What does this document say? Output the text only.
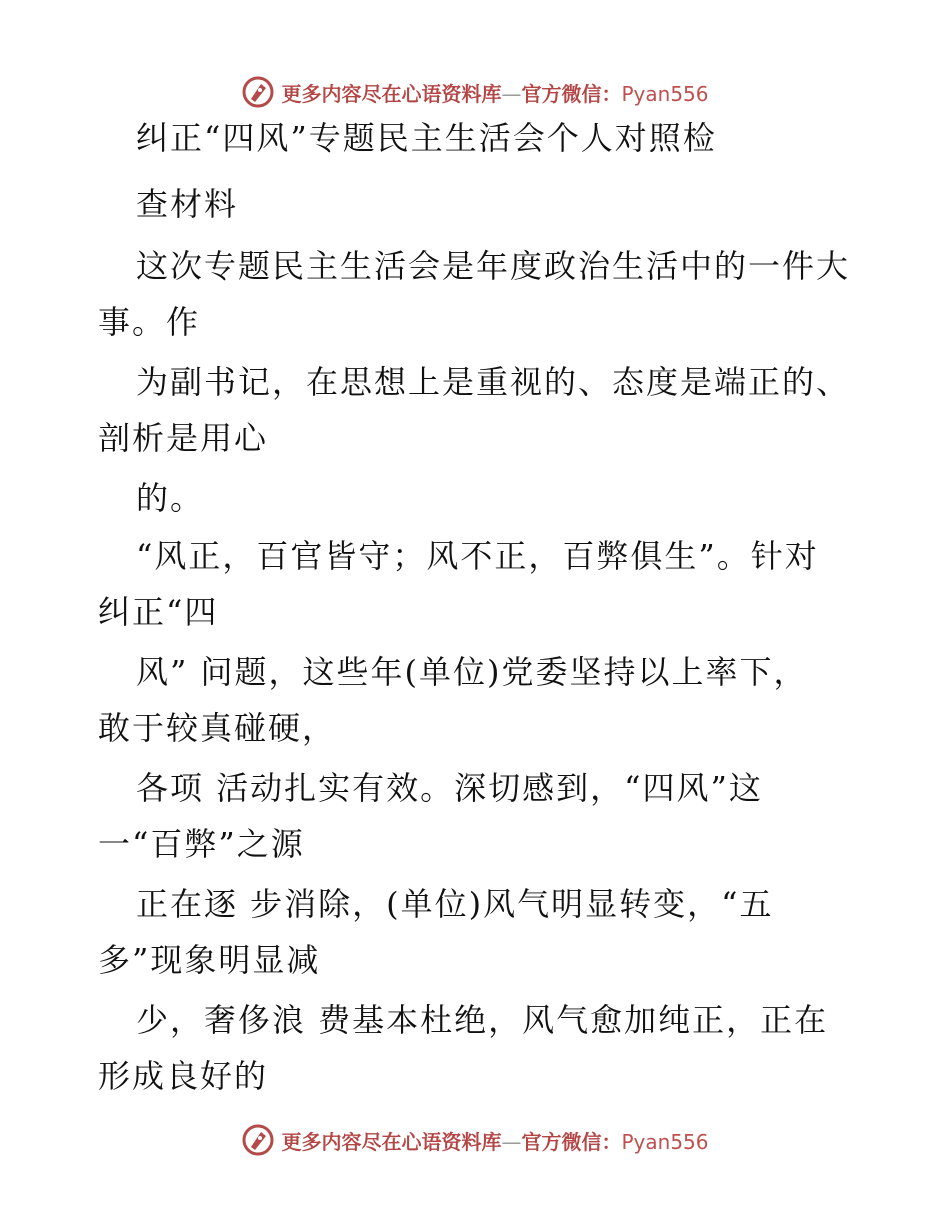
更多内容尽在心语资料库—官方微信：Pyan556
纠正“四风”专题民主生活会个人对照检
查材料
这次专题民主生活会是年度政治生活中的一件大
事。作
为副书记，在思想上是重视的、态度是端正的、
剖析是用心
的。
“风正，百官皆守；风不正，百弊俱生”。针对
纠正“四
风” 问题，这些年(单位)党委坚持以上率下，
敢于较真碰硬，
各项 活动扎实有效。深切感到，“四风”这
一“百弊”之源
正在逐 步消除，(单位)风气明显转变，“五
多”现象明显减
少，奢侈浪 费基本杜绝，风气愈加纯正，正在
形成良好的
更多内容尽在心语资料库—官方微信：Pyan556
